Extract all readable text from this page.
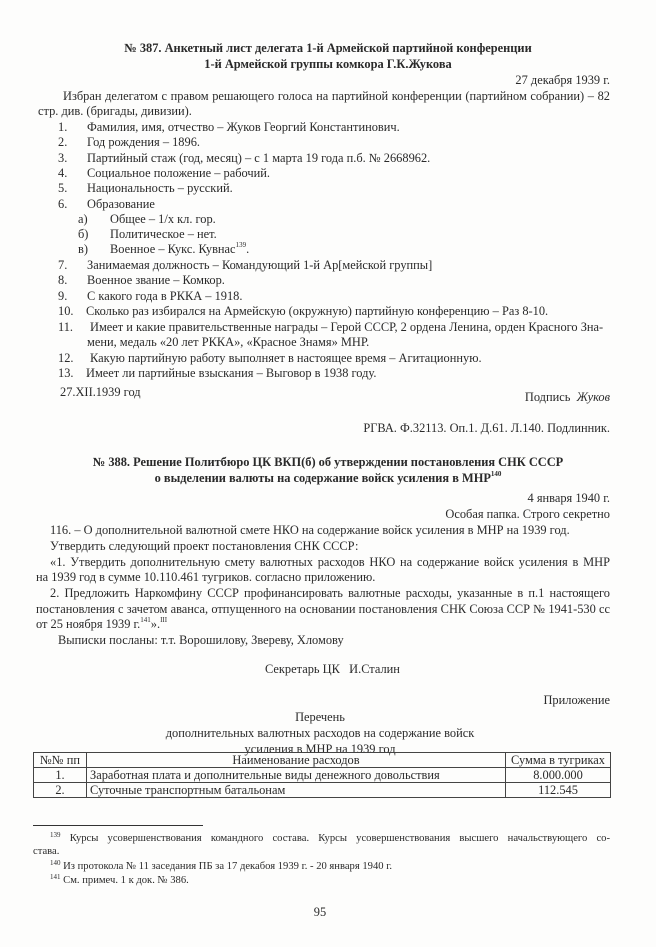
№ 387. Анкетный лист делегата 1-й Армейской партийной конференции
1-й Армейской группы комкора Г.К.Жукова
27 декабря 1939 г.
Избран делегатом с правом решающего голоса на партийной конференции (партийном собрании) – 82
стр. див. (бригады, дивизии).
1. Фамилия, имя, отчество – Жуков Георгий Константинович.
2. Год рождения – 1896.
3. Партийный стаж (год, месяц) – с 1 марта 19 года п.б. № 2668962.
4. Социальное положение – рабочий.
5. Национальность – русский.
6. Образование
а) Общее – 1/х кл. гор.
б) Политическое – нет.
в) Военное – Кукс. Кувнас$^{139}$.
7. Занимаемая должность – Командующий 1-й Ар[мейской группы]
8. Военное звание – Комкор.
9. С какого года в РККА – 1918.
10. Сколько раз избирался на Армейскую (окружную) партийную конференцию – Раз 8-10.
11. Имеет и какие правительственные награды – Герой СССР, 2 ордена Ленина, орден Красного Зна-
мени, медаль «20 лет РККА», «Красное Знамя» МНР.
12. Какую партийную работу выполняет в настоящее время – Агитационную.
13. Имеет ли партийные взыскания – Выговор в 1938 году.
27.XII.1939 год	Подпись Жуков
РГВА. Ф.32113. Оп.1. Д.61. Л.140. Подлинник.
№ 388. Решение Политбюро ЦК ВКП(б) об утверждении постановления СНК СССР
о выделении валюты на содержание войск усиления в МНР$^{140}$
4 января 1940 г.
Особая папка. Строго секретно
116. – О дополнительной валютной смете НКО на содержание войск усиления в МНР на 1939 год.
Утвердить следующий проект постановления СНК СССР:
«1. Утвердить дополнительную смету валютных расходов НКО на содержание войск усиления в МНР
на 1939 год в сумме 10.110.461 тугриков. согласно приложению.
2. Предложить Наркомфину СССР профинансировать валютные расходы, указанные в п.1 настоящего
постановления с зачетом аванса, отпущенного на основании постановления СНК Союза ССР № 1941-530 сс
от 25 ноября 1939 г.$^{141}$».$^{III}$
Выписки посланы: т.т. Ворошилову, Звереву, Хломову
Секретарь ЦК   И.Сталин
Приложение
Перечень
дополнительных валютных расходов на содержание войск
усиления в МНР на 1939 год
№№ пп	Наименование расходов	Сумма в тугриках
1.	Заработная плата и дополнительные виды денежного довольствия	8.000.000
2.	Суточные транспортным батальонам	112.545
$^{139}$ Курсы усовершенствования командного состава. Курсы усовершенствования высшего начальствующего со-
става.
$^{140}$ Из протокола № 11 заседания ПБ за 17 декабоя 1939 г. - 20 января 1940 г.
$^{141}$ См. примеч. 1 к док. № 386.
95
